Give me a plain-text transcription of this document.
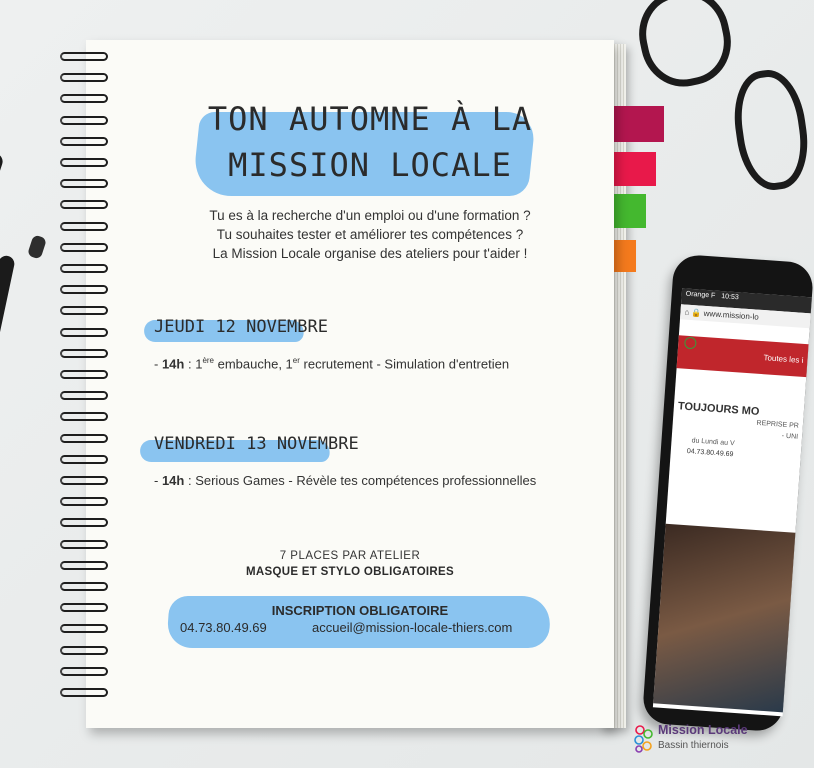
TON AUTOMNE À LA
MISSION LOCALE
Tu es à la recherche d'un emploi ou d'une formation ?
Tu souhaites tester et améliorer tes compétences ?
La Mission Locale organise des ateliers pour t'aider !
JEUDI 12 NOVEMBRE
- 14h : 1ère embauche, 1er recrutement - Simulation d'entretien
VENDREDI 13 NOVEMBRE
- 14h : Serious Games - Révèle tes compétences professionnelles
7 PLACES PAR ATELIER
MASQUE ET STYLO OBLIGATOIRES
INSCRIPTION OBLIGATOIRE
04.73.80.49.69	accueil@mission-locale-thiers.com
Orange F 10:53
⌂ 🔒 www.mission-lo
Toutes les i
TOUJOURS MO
REPRISE PR
- UNI
du Lundi au V
04.73.80.49.69
Mission Locale
Bassin thiernois
